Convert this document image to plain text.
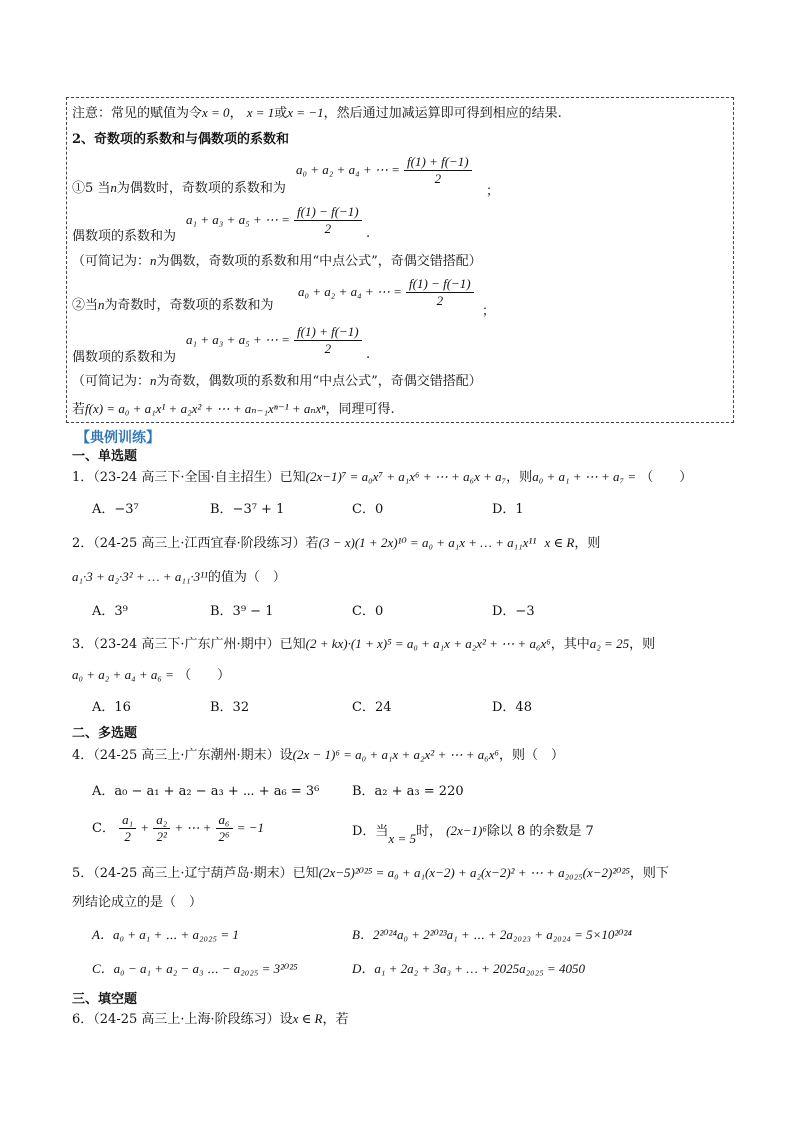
注意：常见的赋值为令x = 0， x = 1或x = −1，然后通过加减运算即可得到相应的结果.
2、奇数项的系数和与偶数项的系数和
a₀ + a₂ + a₄ + ⋯ = $\frac{f(1) + f(-1)}{2}$
①5 当n为偶数时，奇数项的系数和为	；
a₁ + a₃ + a₅ + ⋯ = $\frac{f(1) - f(-1)}{2}$
偶数项的系数和为	.
（可简记为：n为偶数，奇数项的系数和用“中点公式”，奇偶交错搭配）
②当n为奇数时，奇数项的系数和为
a₀ + a₂ + a₄ + ⋯ = $\frac{f(1) - f(-1)}{2}$
；
a₁ + a₃ + a₅ + ⋯ = $\frac{f(1) + f(-1)}{2}$
偶数项的系数和为	.
（可简记为：n为奇数，偶数项的系数和用“中点公式”，奇偶交错搭配）
若f(x) = a₀ + a₁x¹ + a₂x² + ⋯ + aₙ₋₁xⁿ⁻¹ + aₙxⁿ，同理可得.
【典例训练】
一、单选题
1．（23-24 高三下·全国·自主招生）已知(2x−1)⁷ = a₀x⁷ + a₁x⁶ + ⋯ + a₆x + a₇，则a₀ + a₁ + ⋯ + a₇ = （　　）
A．−3⁷	B．−3⁷ + 1	C．0	D．1
2．（24-25 高三上·江西宜春·阶段练习）若(3 − x)(1 + 2x)¹⁰ = a₀ + a₁x + … + a₁₁x¹¹ x ∈ R，则
a₁·3 + a₂·3² + … + a₁₁·3¹¹的值为（　）
A．3⁹	B．3⁹ − 1	C．0	D．−3
3．（23-24 高三下·广东广州·期中）已知(2 + kx)·(1 + x)⁵ = a₀ + a₁x + a₂x² + ⋯ + a₆x⁶，其中a₂ = 25，则
a₀ + a₂ + a₄ + a₆ = （　　）
A．16	B．32	C．24	D．48
二、多选题
4．（24-25 高三上·广东潮州·期末）设(2x − 1)⁶ = a₀ + a₁x + a₂x² + ⋯ + a₆x⁶，则（　）
A．a₀ − a₁ + a₂ − a₃ + ⋯ + a₆ = 3⁶	B．a₂ + a₃ = 220
C． $\frac{\text{a₁}}{2} + \frac{\text{a₂}}{\text{2²}}$ + ⋯ + $\frac{\text{a₆}}{\text{2⁶}} = -1$	D．当x = 5时， (2x−1)⁶除以 8 的余数是 7
5．（24-25 高三上·辽宁葫芦岛·期末）已知(2x−5)²⁰²⁵ = a₀ + a₁(x−2) + a₂(x−2)² + ⋯ + a₂₀₂₅(x−2)²⁰²⁵，则下
列结论成立的是（　）
A．a₀ + a₁ + ⋯ + a₂₀₂₅ = 1	B．2²⁰²⁴a₀ + 2²⁰²³a₁ + ⋯ + 2a₂₀₂₃ + a₂₀₂₄ = 5×10²⁰²⁴
C．a₀ − a₁ + a₂ − a₃ ⋯ − a₂₀₂₅ = 3²⁰²⁵	D．a₁ + 2a₂ + 3a₃ + … + 2025a₂₀₂₅ = 4050
三、填空题
6．（24-25 高三上·上海·阶段练习）设x ∈ R，若
